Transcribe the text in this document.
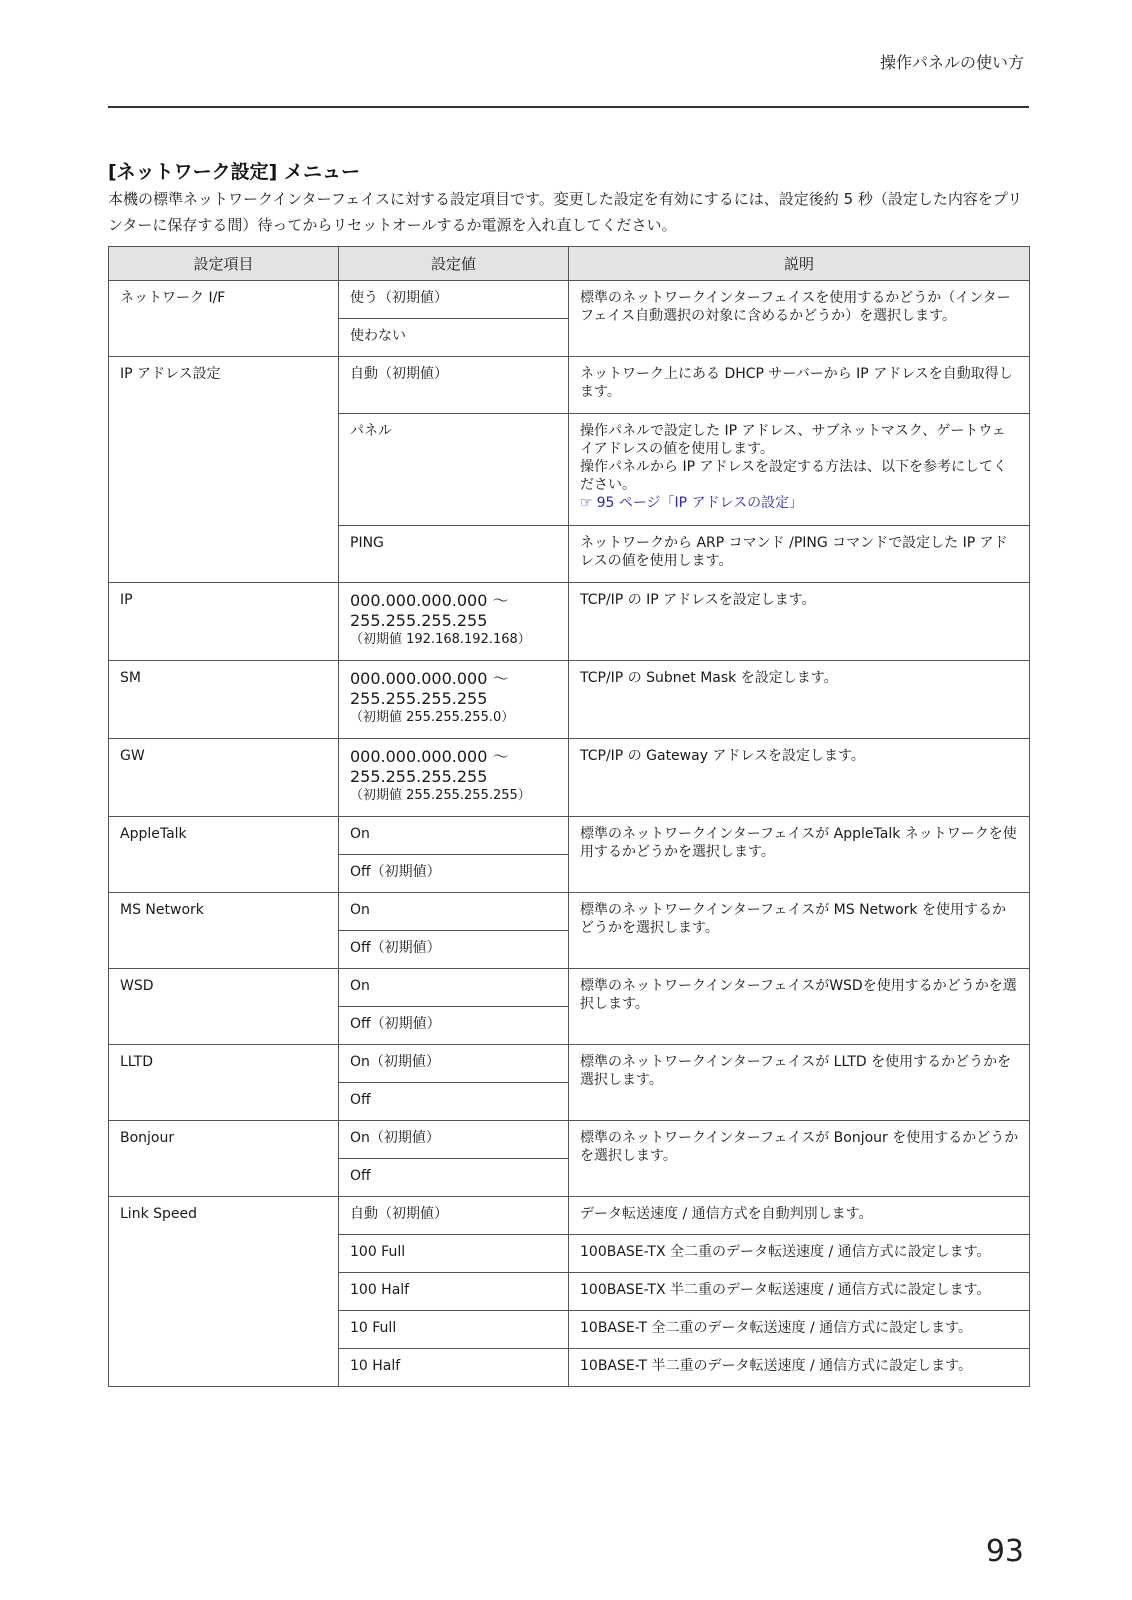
操作パネルの使い方
[ネットワーク設定] メニュー
本機の標準ネットワークインターフェイスに対する設定項目です。変更した設定を有効にするには、設定後約 5 秒（設定した内容をプリンターに保存する間）待ってからリセットオールするか電源を入れ直してください。
設定項目	設定値	説明
ネットワーク I/F	使う（初期値）	標準のネットワークインターフェイスを使用するかどうか（インターフェイス自動選択の対象に含めるかどうか）を選択します。
	使わない	
IP アドレス設定	自動（初期値）	ネットワーク上にある DHCP サーバーから IP アドレスを自動取得します。
	パネル	操作パネルで設定した IP アドレス、サブネットマスク、ゲートウェイアドレスの値を使用します。
操作パネルから IP アドレスを設定する方法は、以下を参考にしてください。
☞ 95 ページ「IP アドレスの設定」

	PING	ネットワークから ARP コマンド /PING コマンドで設定した IP アドレスの値を使用します。
IP	000.000.000.000 ～
255.255.255.255
（初期値 192.168.192.168）	TCP/IP の IP アドレスを設定します。
SM	000.000.000.000 ～
255.255.255.255
（初期値 255.255.255.0）	TCP/IP の Subnet Mask を設定します。
GW	000.000.000.000 ～
255.255.255.255
（初期値 255.255.255.255）	TCP/IP の Gateway アドレスを設定します。
AppleTalk	On	標準のネットワークインターフェイスが AppleTalk ネットワークを使用するかどうかを選択します。
	Off（初期値）	
MS Network	On	標準のネットワークインターフェイスが MS Network を使用するかどうかを選択します。
	Off（初期値）	
WSD	On	標準のネットワークインターフェイスがWSDを使用するかどうかを選択します。
	Off（初期値）	
LLTD	On（初期値）	標準のネットワークインターフェイスが LLTD を使用するかどうかを選択します。
	Off	
Bonjour	On（初期値）	標準のネットワークインターフェイスが Bonjour を使用するかどうかを選択します。
	Off	
Link Speed	自動（初期値）	データ転送速度 / 通信方式を自動判別します。
	100 Full	100BASE-TX 全二重のデータ転送速度 / 通信方式に設定します。
	100 Half	100BASE-TX 半二重のデータ転送速度 / 通信方式に設定します。
	10 Full	10BASE-T 全二重のデータ転送速度 / 通信方式に設定します。
	10 Half	10BASE-T 半二重のデータ転送速度 / 通信方式に設定します。
93
